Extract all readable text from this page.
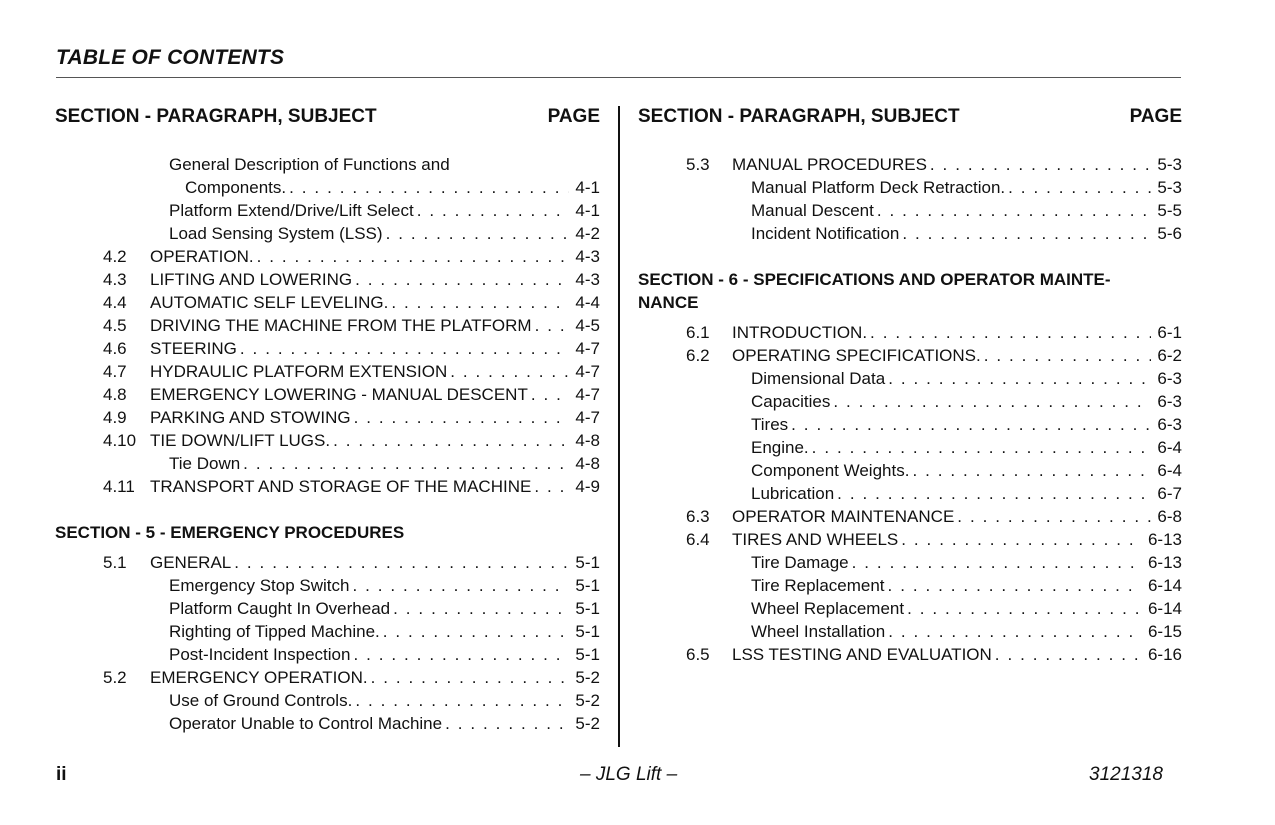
TABLE OF CONTENTS
SECTION - PARAGRAPH, SUBJECT	PAGE
General Description of Functions and
Components. . . .	4-1
Platform Extend/Drive/Lift Select . . .	4-1
Load Sensing System (LSS) . . .	4-2
4.2 OPERATION. . . .	4-3
4.3 LIFTING AND LOWERING . . .	4-3
4.4 AUTOMATIC SELF LEVELING. . . .	4-4
4.5 DRIVING THE MACHINE FROM THE PLATFORM . . .	4-5
4.6 STEERING . . .	4-7
4.7 HYDRAULIC PLATFORM EXTENSION . . .	4-7
4.8 EMERGENCY LOWERING - MANUAL DESCENT . . .	4-7
4.9 PARKING AND STOWING . . .	4-7
4.10 TIE DOWN/LIFT LUGS. . . .	4-8
Tie Down . . .	4-8
4.11 TRANSPORT AND STORAGE OF THE MACHINE . . .	4-9
SECTION - 5 - EMERGENCY PROCEDURES
5.1 GENERAL . . .	5-1
Emergency Stop Switch . . .	5-1
Platform Caught In Overhead . . .	5-1
Righting of Tipped Machine. . . .	5-1
Post-Incident Inspection . . .	5-1
5.2 EMERGENCY OPERATION. . . .	5-2
Use of Ground Controls. . . .	5-2
Operator Unable to Control Machine . . .	5-2
SECTION - PARAGRAPH, SUBJECT	PAGE
5.3 MANUAL PROCEDURES . . .	5-3
Manual Platform Deck Retraction. . . .	5-3
Manual Descent . . .	5-5
Incident Notification . . .	5-6
SECTION - 6 - SPECIFICATIONS AND OPERATOR MAINTE-
NANCE
6.1 INTRODUCTION. . . .	6-1
6.2 OPERATING SPECIFICATIONS. . . .	6-2
Dimensional Data . . .	6-3
Capacities . . .	6-3
Tires . . .	6-3
Engine. . . .	6-4
Component Weights. . . .	6-4
Lubrication . . .	6-7
6.3 OPERATOR MAINTENANCE . . .	6-8
6.4 TIRES AND WHEELS . . .	6-13
Tire Damage . . .	6-13
Tire Replacement . . .	6-14
Wheel Replacement . . .	6-14
Wheel Installation . . .	6-15
6.5 LSS TESTING AND EVALUATION . . .	6-16
ii	– JLG Lift –	3121318
